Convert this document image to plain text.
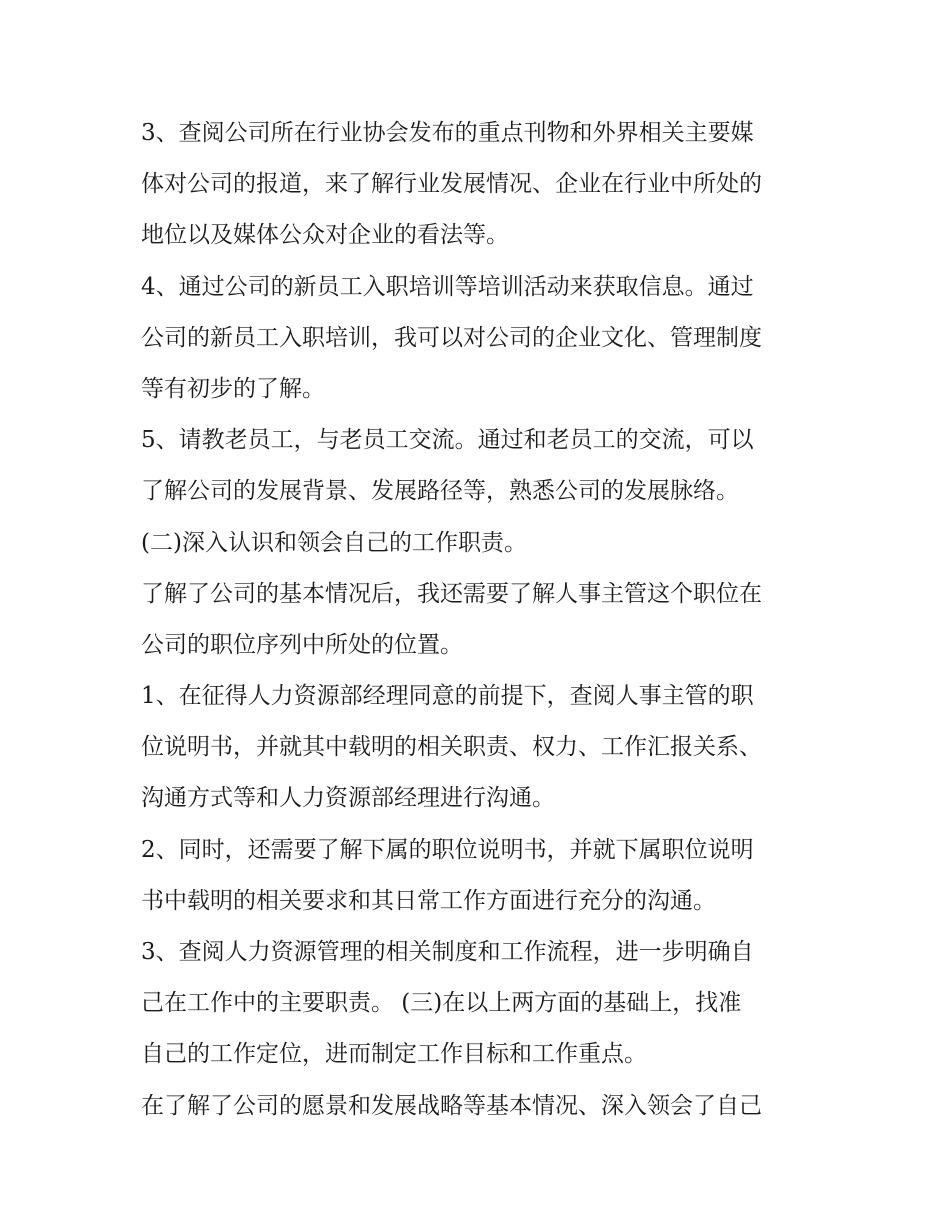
3、查阅公司所在行业协会发布的重点刊物和外界相关主要媒
体对公司的报道，来了解行业发展情况、企业在行业中所处的
地位以及媒体公众对企业的看法等。
4、通过公司的新员工入职培训等培训活动来获取信息。通过
公司的新员工入职培训，我可以对公司的企业文化、管理制度
等有初步的了解。
5、请教老员工，与老员工交流。通过和老员工的交流，可以
了解公司的发展背景、发展路径等，熟悉公司的发展脉络。
(二)深入认识和领会自己的工作职责。
了解了公司的基本情况后，我还需要了解人事主管这个职位在
公司的职位序列中所处的位置。
1、在征得人力资源部经理同意的前提下，查阅人事主管的职
位说明书，并就其中载明的相关职责、权力、工作汇报关系、
沟通方式等和人力资源部经理进行沟通。
2、同时，还需要了解下属的职位说明书，并就下属职位说明
书中载明的相关要求和其日常工作方面进行充分的沟通。
3、查阅人力资源管理的相关制度和工作流程，进一步明确自
己在工作中的主要职责。 (三)在以上两方面的基础上，找准
自己的工作定位，进而制定工作目标和工作重点。
在了解了公司的愿景和发展战略等基本情况、深入领会了自己
